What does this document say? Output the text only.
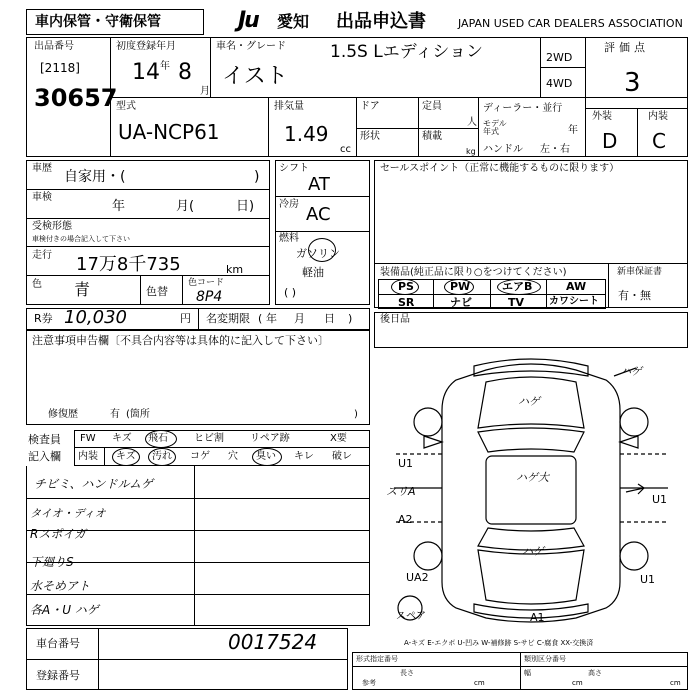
車内保管・守衛保管	Ju 愛知 出品申込書	JAPAN USED CAR DEALERS ASSOCIATION
出品番号
[2118]
30657
初度登録年月
14 年 8
月
車名・グレード	1.5S Lエディション
イスト
2WD
4WD
評価点
3
型式
UA-NCP61
排気量
1.49
cc
ドア
形状
定員
人
積載
kg
ディーラー・並行
モデル 年式	年
ハンドル 左・右
外装	内装
D C
車歴
自家用・(	)
車検
年	月(	日)
受検形態
車検付きの場合記入して下さい
走行 17万8千735	km
色 青	色替
色コード
8P4
シフト
AT
冷房 AC
燃料
ガソリン
軽油
( )
セールスポイント（正常に機能するものに限ります）
装備品(純正品に限り○をつけてください)
PS	PW	エアB	AW
SR	ナビ	TV カワシート
新車保証書
有・無
R券 10,030	円 名変期限 年 月 日
(	)
注意事項申告欄〔不具合内容等は具体的に記入して下さい〕
修復歴	有 (箇所	)
後日品
検査員
記入欄
FW キズ 飛石	ヒビ割	リペア跡	X要
内装 キズ 汚れ コゲ 穴 臭い キレ 破レ
チビミ、ハンドルムゲ
タイオ・ディオ
Rスポイガ
下廻りS
水そめアト
各A・U ハゲ
ハゲ
ハゲ
ハゲ大
ハゲ
U1
U1
スリA
A2
UA2	U1
スペア	A1
車台番号	0017524
登録番号
A-キズ E-エクボ U-凹み W-補修跡 S-サビ C-腐食 XX-交換済
形式指定番号
参考
類別区分番号
長さ
cm
幅
cm
高さ
cm
